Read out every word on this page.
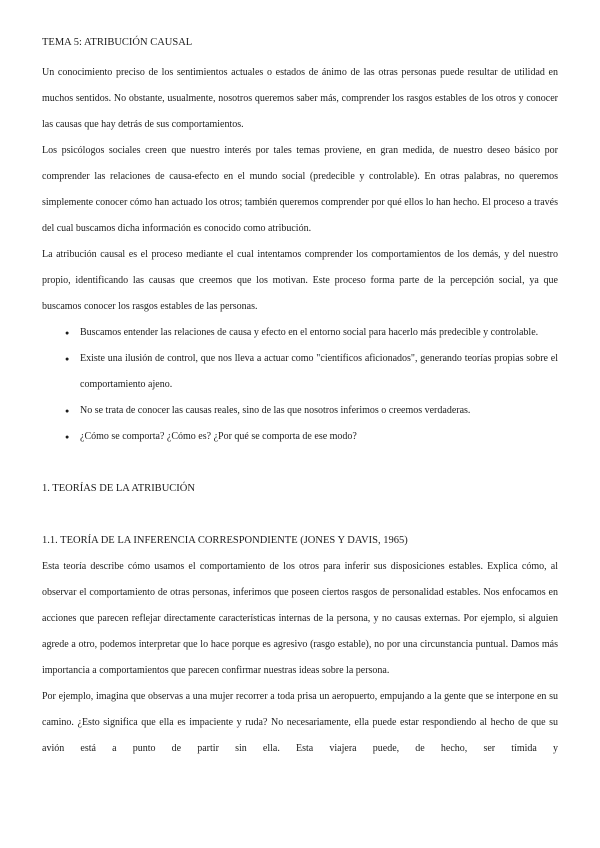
TEMA 5: ATRIBUCIÓN CAUSAL

Un conocimiento preciso de los sentimientos actuales o estados de ánimo de las otras personas puede resultar de utilidad en muchos sentidos. No obstante, usualmente, nosotros queremos saber más, comprender los rasgos estables de los otros y conocer las causas que hay detrás de sus comportamientos.

Los psicólogos sociales creen que nuestro interés por tales temas proviene, en gran medida, de nuestro deseo básico por comprender las relaciones de causa-efecto en el mundo social (predecible y controlable). En otras palabras, no queremos simplemente conocer cómo han actuado los otros; también queremos comprender por qué ellos lo han hecho. El proceso a través del cual buscamos dicha información es conocido como atribución.

La atribución causal es el proceso mediante el cual intentamos comprender los comportamientos de los demás, y del nuestro propio, identificando las causas que creemos que los motivan. Este proceso forma parte de la percepción social, ya que buscamos conocer los rasgos estables de las personas.

● Buscamos entender las relaciones de causa y efecto en el entorno social para hacerlo más predecible y controlable.
● Existe una ilusión de control, que nos lleva a actuar como "científicos aficionados", generando teorías propias sobre el comportamiento ajeno.
● No se trata de conocer las causas reales, sino de las que nosotros inferimos o creemos verdaderas.
● ¿Cómo se comporta? ¿Cómo es? ¿Por qué se comporta de ese modo?
1. TEORÍAS DE LA ATRIBUCIÓN
1.1. TEORÍA DE LA INFERENCIA CORRESPONDIENTE (JONES Y DAVIS, 1965)

Esta teoría describe cómo usamos el comportamiento de los otros para inferir sus disposiciones estables. Explica cómo, al observar el comportamiento de otras personas, inferimos que poseen ciertos rasgos de personalidad estables. Nos enfocamos en acciones que parecen reflejar directamente características internas de la persona, y no causas externas. Por ejemplo, si alguien agrede a otro, podemos interpretar que lo hace porque es agresivo (rasgo estable), no por una circunstancia puntual. Damos más importancia a comportamientos que parecen confirmar nuestras ideas sobre la persona.

Por ejemplo, imagina que observas a una mujer recorrer a toda prisa un aeropuerto, empujando a la gente que se interpone en su camino. ¿Esto significa que ella es impaciente y ruda? No necesariamente, ella puede estar respondiendo al hecho de que su avión está a punto de partir sin ella. Esta viajera puede, de hecho, ser tímida y
